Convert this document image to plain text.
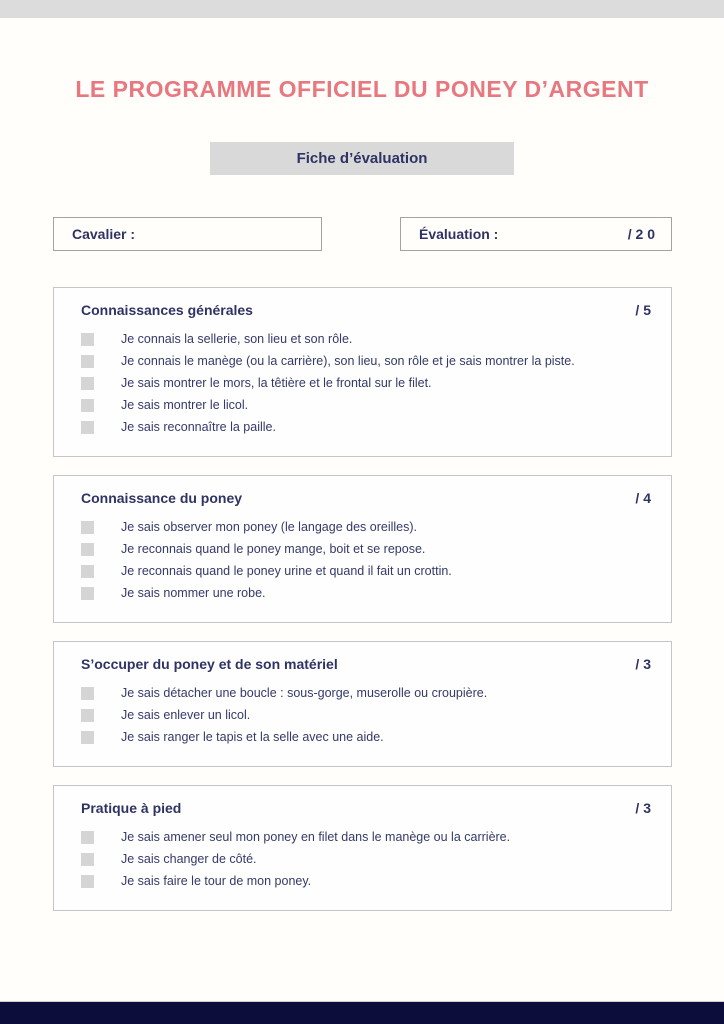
LE PROGRAMME OFFICIEL DU PONEY D’ARGENT
Fiche d’évaluation
Cavalier :	Évaluation :	/ 2 0
Connaissances générales	/ 5
Je connais la sellerie, son lieu et son rôle.
Je connais le manège (ou la carrière), son lieu, son rôle et je sais montrer la piste.
Je sais montrer le mors, la têtière et le frontal sur le filet.
Je sais montrer le licol.
Je sais reconnaître la paille.
Connaissance du poney	/ 4
Je sais observer mon poney (le langage des oreilles).
Je reconnais quand le poney mange, boit et se repose.
Je reconnais quand le poney urine et quand il fait un crottin.
Je sais nommer une robe.
S’occuper du poney et de son matériel	/ 3
Je sais détacher une boucle : sous-gorge, muserolle ou croupière.
Je sais enlever un licol.
Je sais ranger le tapis et la selle avec une aide.
Pratique à pied	/ 3
Je sais amener seul mon poney en filet dans le manège ou la carrière.
Je sais changer de côté.
Je sais faire le tour de mon poney.
